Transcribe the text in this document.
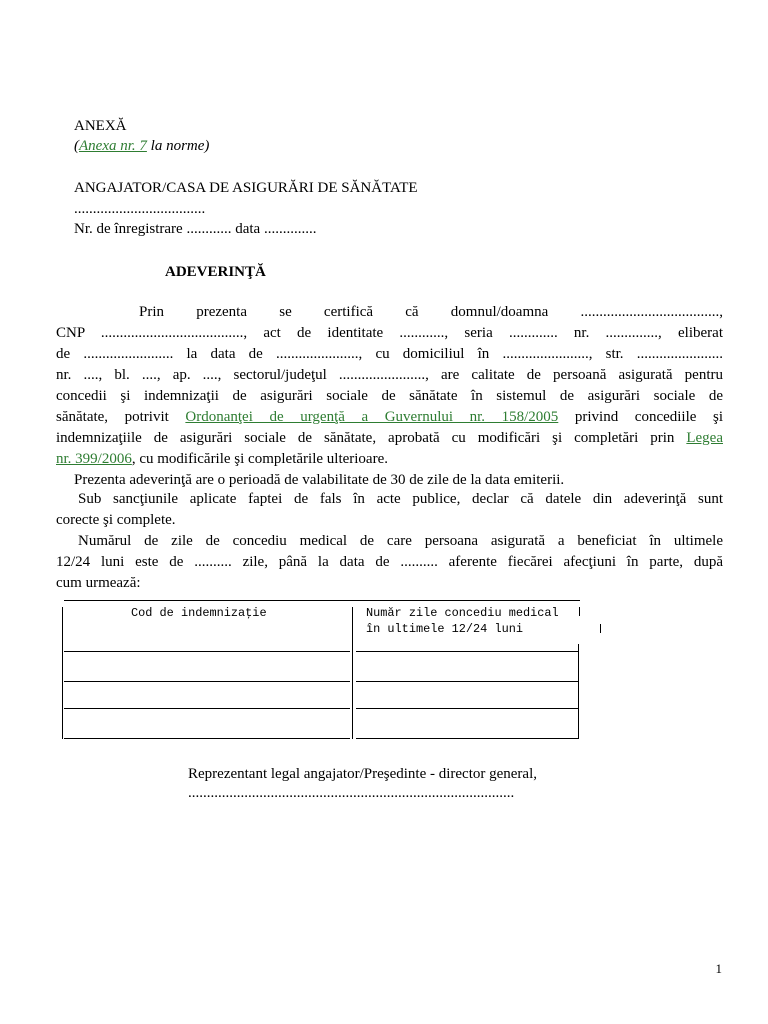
ANEXĂ
(Anexa nr. 7 la norme)
ANGAJATOR/CASA DE ASIGURĂRI DE SĂNĂTATE
...................................
Nr. de înregistrare ............ data ..............
ADEVERINŢĂ
Prin prezenta se certifică că domnul/doamna .....................................,
CNP ......................................, act de identitate ............, seria ............. nr. .............., eliberat
de ........................ la data de ......................, cu domiciliul în ......................., str. .......................
nr. ...., bl. ...., ap. ...., sectorul/judeţul ......................., are calitate de persoană asigurată pentru
concedii şi indemnizaţii de asigurări sociale de sănătate în sistemul de asigurări sociale de
sănătate, potrivit Ordonanţei de urgenţă a Guvernului nr. 158/2005 privind concediile şi
indemnizaţiile de asigurări sociale de sănătate, aprobată cu modificări şi completări prin Legea
nr. 399/2006, cu modificările şi completările ulterioare.
Prezenta adeverinţă are o perioadă de valabilitate de 30 de zile de la data emiterii.
Sub sancţiunile aplicate faptei de fals în acte publice, declar că datele din adeverinţă sunt
corecte şi complete.
Numărul de zile de concediu medical de care persoana asigurată a beneficiat în ultimele
12/24 luni este de .......... zile, până la data de .......... aferente fiecărei afecţiuni în parte, după
cum urmează:
Cod de indemnizaţie	Număr zile concediu medical
în ultimele 12/24 luni
Reprezentant legal angajator/Preşedinte - director general,
.......................................................................................
1
